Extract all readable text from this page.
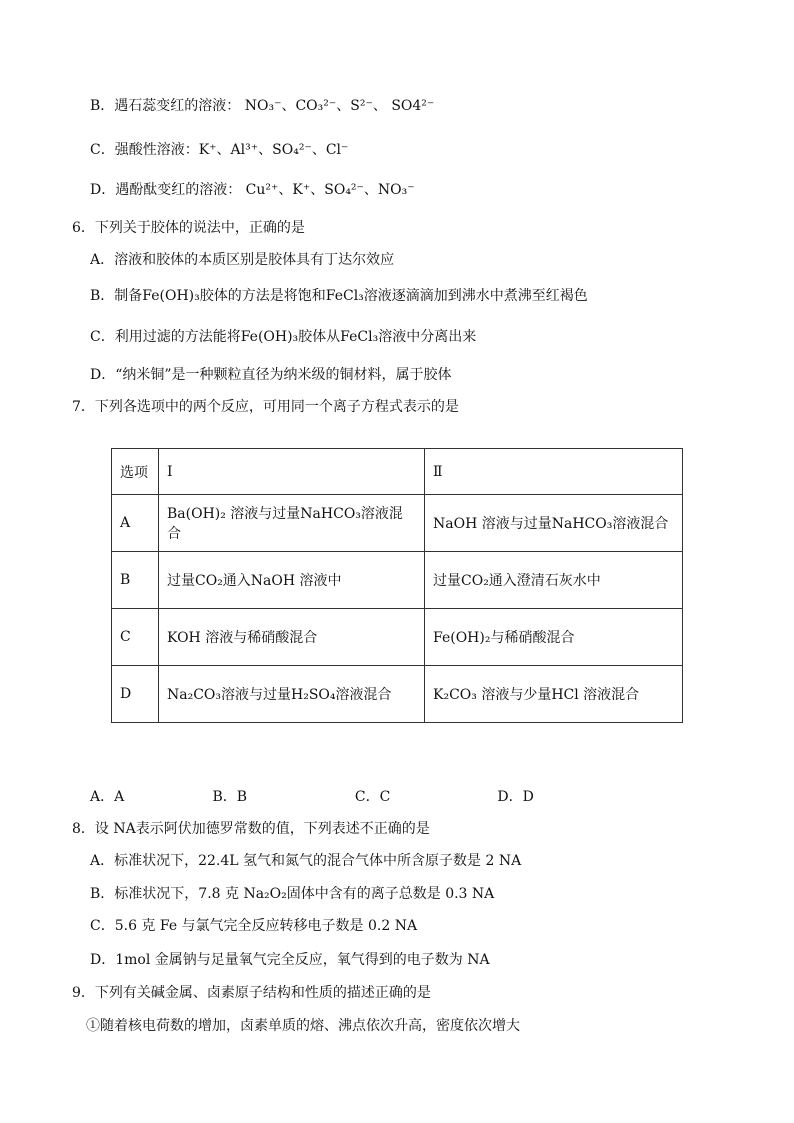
B．遇石蕊变红的溶液： NO₃⁻、CO₃²⁻、S²⁻、 SO4²⁻
C．强酸性溶液：K⁺、Al³⁺、SO₄²⁻、Cl⁻
D．遇酚酞变红的溶液： Cu²⁺、K⁺、SO₄²⁻、NO₃⁻
6．下列关于胶体的说法中，正确的是
A．溶液和胶体的本质区别是胶体具有丁达尔效应
B．制备Fe(OH)₃胶体的方法是将饱和FeCl₃溶液逐滴滴加到沸水中煮沸至红褐色
C．利用过滤的方法能将Fe(OH)₃胶体从FeCl₃溶液中分离出来
D．“纳米铜”是一种颗粒直径为纳米级的铜材料，属于胶体
7．下列各选项中的两个反应，可用同一个离子方程式表示的是
选项	Ⅰ	Ⅱ
A	Ba(OH)₂ 溶液与过量NaHCO₃溶液混合	NaOH 溶液与过量NaHCO₃溶液混合
B	过量CO₂通入NaOH 溶液中	过量CO₂通入澄清石灰水中
C	KOH 溶液与稀硝酸混合	Fe(OH)₂与稀硝酸混合
D	Na₂CO₃溶液与过量H₂SO₄溶液混合	K₂CO₃ 溶液与少量HCl 溶液混合
A．A	B．B	C．C	D．D
8．设 NA表示阿伏加德罗常数的值，下列表述不正确的是
A．标准状况下，22.4L 氢气和氮气的混合气体中所含原子数是 2 NA
B．标准状况下，7.8 克 Na₂O₂固体中含有的离子总数是 0.3 NA
C．5.6 克 Fe 与氯气完全反应转移电子数是 0.2 NA
D．1mol 金属钠与足量氧气完全反应，氧气得到的电子数为 NA
9．下列有关碱金属、卤素原子结构和性质的描述正确的是
①随着核电荷数的增加，卤素单质的熔、沸点依次升高，密度依次增大
